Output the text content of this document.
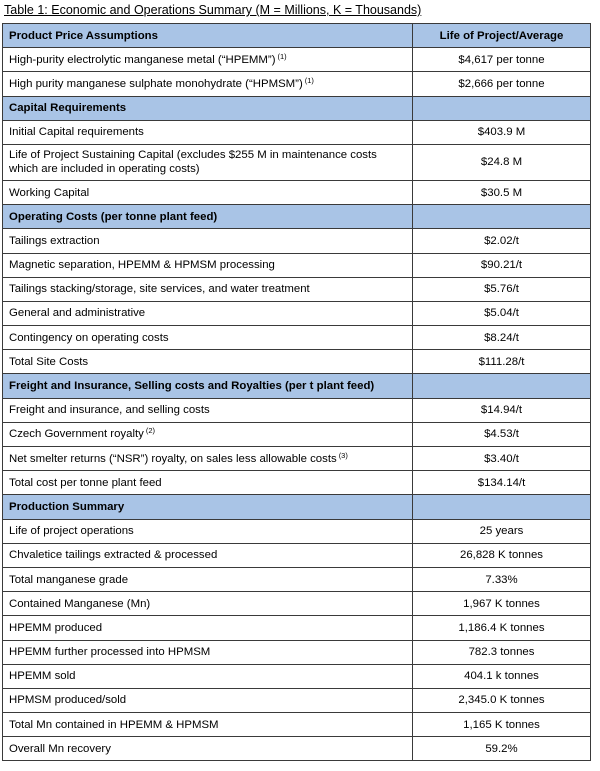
Table 1: Economic and Operations Summary (M = Millions, K = Thousands)
Product Price Assumptions	Life of Project/Average
High-purity electrolytic manganese metal (“HPEMM”) $^{(1)}$	$4,617 per tonne
High purity manganese sulphate monohydrate (“HPMSM”) $^{(1)}$	$2,666 per tonne
Capital Requirements	
Initial Capital requirements	$403.9 M
Life of Project Sustaining Capital (excludes $255 M in maintenance costs which are included in operating costs)	$24.8 M
Working Capital	$30.5 M
Operating Costs (per tonne plant feed)	
Tailings extraction	$2.02/t
Magnetic separation, HPEMM & HPMSM processing	$90.21/t
Tailings stacking/storage, site services, and water treatment	$5.76/t
General and administrative	$5.04/t
Contingency on operating costs	$8.24/t
Total Site Costs	$111.28/t
Freight and Insurance, Selling costs and Royalties (per t plant feed)	
Freight and insurance, and selling costs	$14.94/t
Czech Government royalty $^{(2)}$	$4.53/t
Net smelter returns (“NSR”) royalty, on sales less allowable costs $^{(3)}$	$3.40/t
Total cost per tonne plant feed	$134.14/t
Production Summary	
Life of project operations	25 years
Chvaletice tailings extracted & processed	26,828 K tonnes
Total manganese grade	7.33%
Contained Manganese (Mn)	1,967 K tonnes
HPEMM produced	1,186.4 K tonnes
HPEMM further processed into HPMSM	782.3 tonnes
HPEMM sold	404.1 k tonnes
HPMSM produced/sold	2,345.0 K tonnes
Total Mn contained in HPEMM & HPMSM	1,165 K tonnes
Overall Mn recovery	59.2%
